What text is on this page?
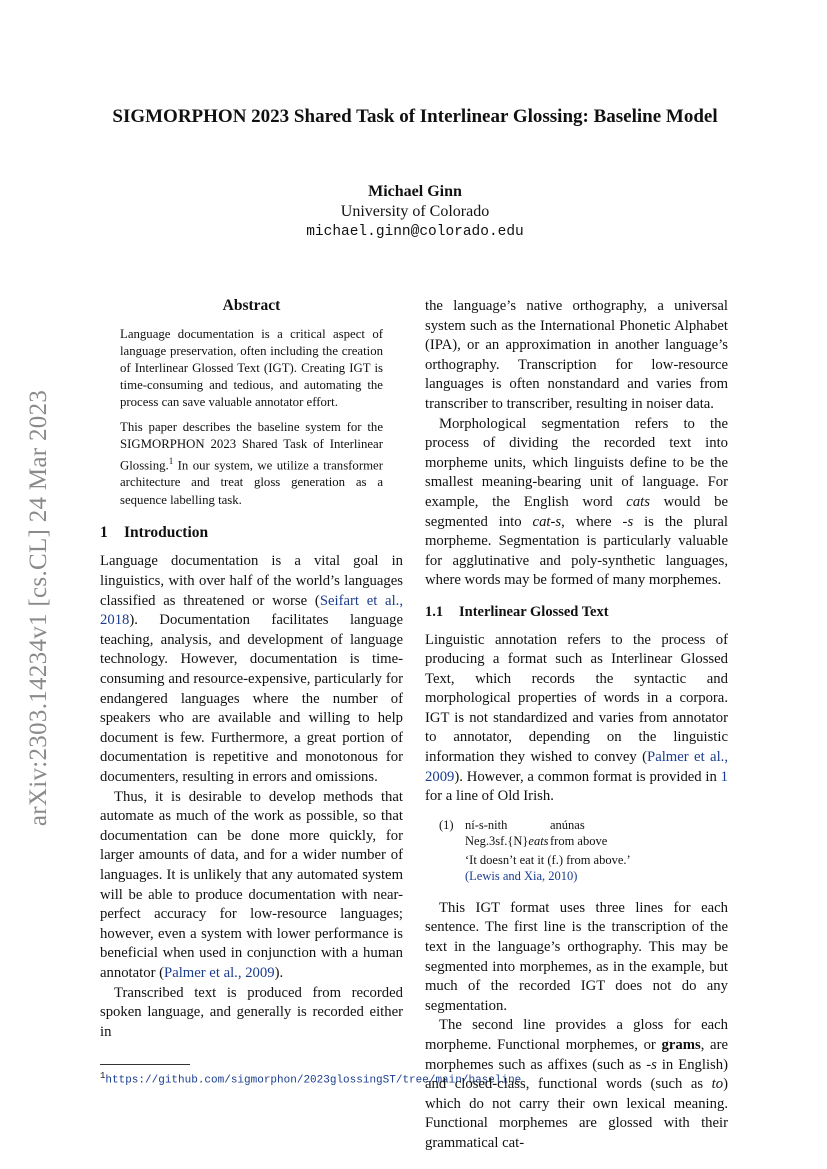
arXiv:2303.14234v1 [cs.CL] 24 Mar 2023
SIGMORPHON 2023 Shared Task of Interlinear Glossing: Baseline Model
Michael Ginn
University of Colorado
michael.ginn@colorado.edu
Abstract

Language documentation is a critical aspect of language preservation, often including the creation of Interlinear Glossed Text (IGT). Creating IGT is time-consuming and tedious, and automating the process can save valuable annotator effort.

This paper describes the baseline system for the SIGMORPHON 2023 Shared Task of Interlinear Glossing.$^1$ In our system, we utilize a transformer architecture and treat gloss generation as a sequence labelling task.

1 Introduction

Language documentation is a vital goal in linguistics, with over half of the world’s languages classified as threatened or worse (Seifart et al., 2018). Documentation facilitates language teaching, analysis, and development of language technology. However, documentation is time-consuming and resource-expensive, particularly for endangered languages where the number of speakers who are available and willing to help document is few. Furthermore, a great portion of documentation is repetitive and monotonous for documenters, resulting in errors and omissions.

Thus, it is desirable to develop methods that automate as much of the work as possible, so that documentation can be done more quickly, for larger amounts of data, and for a wider number of languages. It is unlikely that any automated system will be able to produce documentation with near-perfect accuracy for low-resource languages; however, even a system with lower performance is beneficial when used in conjunction with a human annotator (Palmer et al., 2009).

Transcribed text is produced from recorded spoken language, and generally is recorded either in

$^1$https://github.com/sigmorphon/2023glossingST/tree/main/baseline

the language’s native orthography, a universal system such as the International Phonetic Alphabet (IPA), or an approximation in another language’s orthography. Transcription for low-resource languages is often nonstandard and varies from transcriber to transcriber, resulting in noiser data.

Morphological segmentation refers to the process of dividing the recorded text into morpheme units, which linguists define to be the smallest meaning-bearing unit of language. For example, the English word cats would be segmented into cat-s, where -s is the plural morpheme. Segmentation is particularly valuable for agglutinative and poly-synthetic languages, where words may be formed of many morphemes.

1.1 Interlinear Glossed Text

Linguistic annotation refers to the process of producing a format such as Interlinear Glossed Text, which records the syntactic and morphological properties of words in a corpora. IGT is not standardized and varies from annotator to annotator, depending on the linguistic information they wished to convey (Palmer et al., 2009). However, a common format is provided in 1 for a line of Old Irish.

(1) ní-s-nith	anúnas
Neg.3sf.{N}eats from above
‘It doesn’t eat it (f.) from above.’
(Lewis and Xia, 2010)

This IGT format uses three lines for each sentence. The first line is the transcription of the text in the language’s orthography. This may be segmented into morphemes, as in the example, but much of the recorded IGT does not do any segmentation.

The second line provides a gloss for each morpheme. Functional morphemes, or grams, are morphemes such as affixes (such as -s in English) and closed-class, functional words (such as to) which do not carry their own lexical meaning. Functional morphemes are glossed with their grammatical cat-
